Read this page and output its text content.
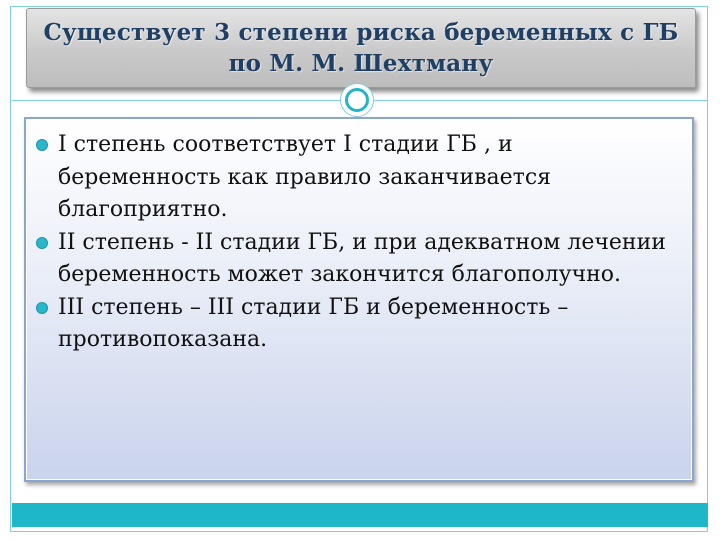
Существует 3 степени риска беременных с ГБ по М. М. Шехтману
I степень соответствует I стадии ГБ , и беременность как правило заканчивается благоприятно.
II степень - II стадии ГБ, и при адекватном лечении беременность может закончится благополучно.
III степень – III стадии ГБ и беременность – противопоказана.
